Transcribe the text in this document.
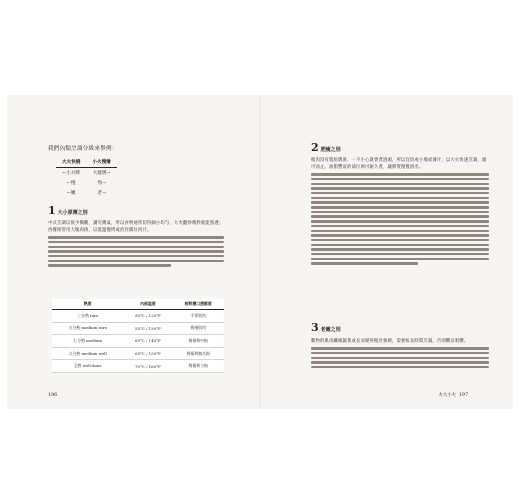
我們內類烹調分級來舉例：
大火快燒	小火慢燴
←小方牌	大燒牌→
←慢	熟→
←嫩	老→
1 大小厚薄之別
中式烹調以很少橫觀，講究鑊氣，所以食物通常切得細小均勻，大火翻炒幾秒就能熟透；西餐則常用大塊肉排，以低溫慢烤或煎封鎖住肉汁。
熟度	內部溫度	相對應口感鮮度
三分熟 rare	50°C / 120°F	手掌肌肉
五分熟 medium rare	55°C / 130°F	拇指肌肉
七分熟 medium	60°C / 140°F	拇指和中指
九分熟 medium well	65°C / 150°F	拇指和無名指
全熟 well-done	70°C / 160°F	拇指和小指
196
2 肥瘦之別
瘦肉沒有脂肪潤滑，一不小心就會煮過頭，所以宜切成小塊或薄片，以大火快速烹調，適可而止。油脂豐富的部位則可耐久煮，讓膠質慢慢溶出。
3 老嫩之別
動物的肌肉纖維隨著成長而變得粗壯強韌，需要較長時間烹調，否則難以咀嚼。
火大小火 197
